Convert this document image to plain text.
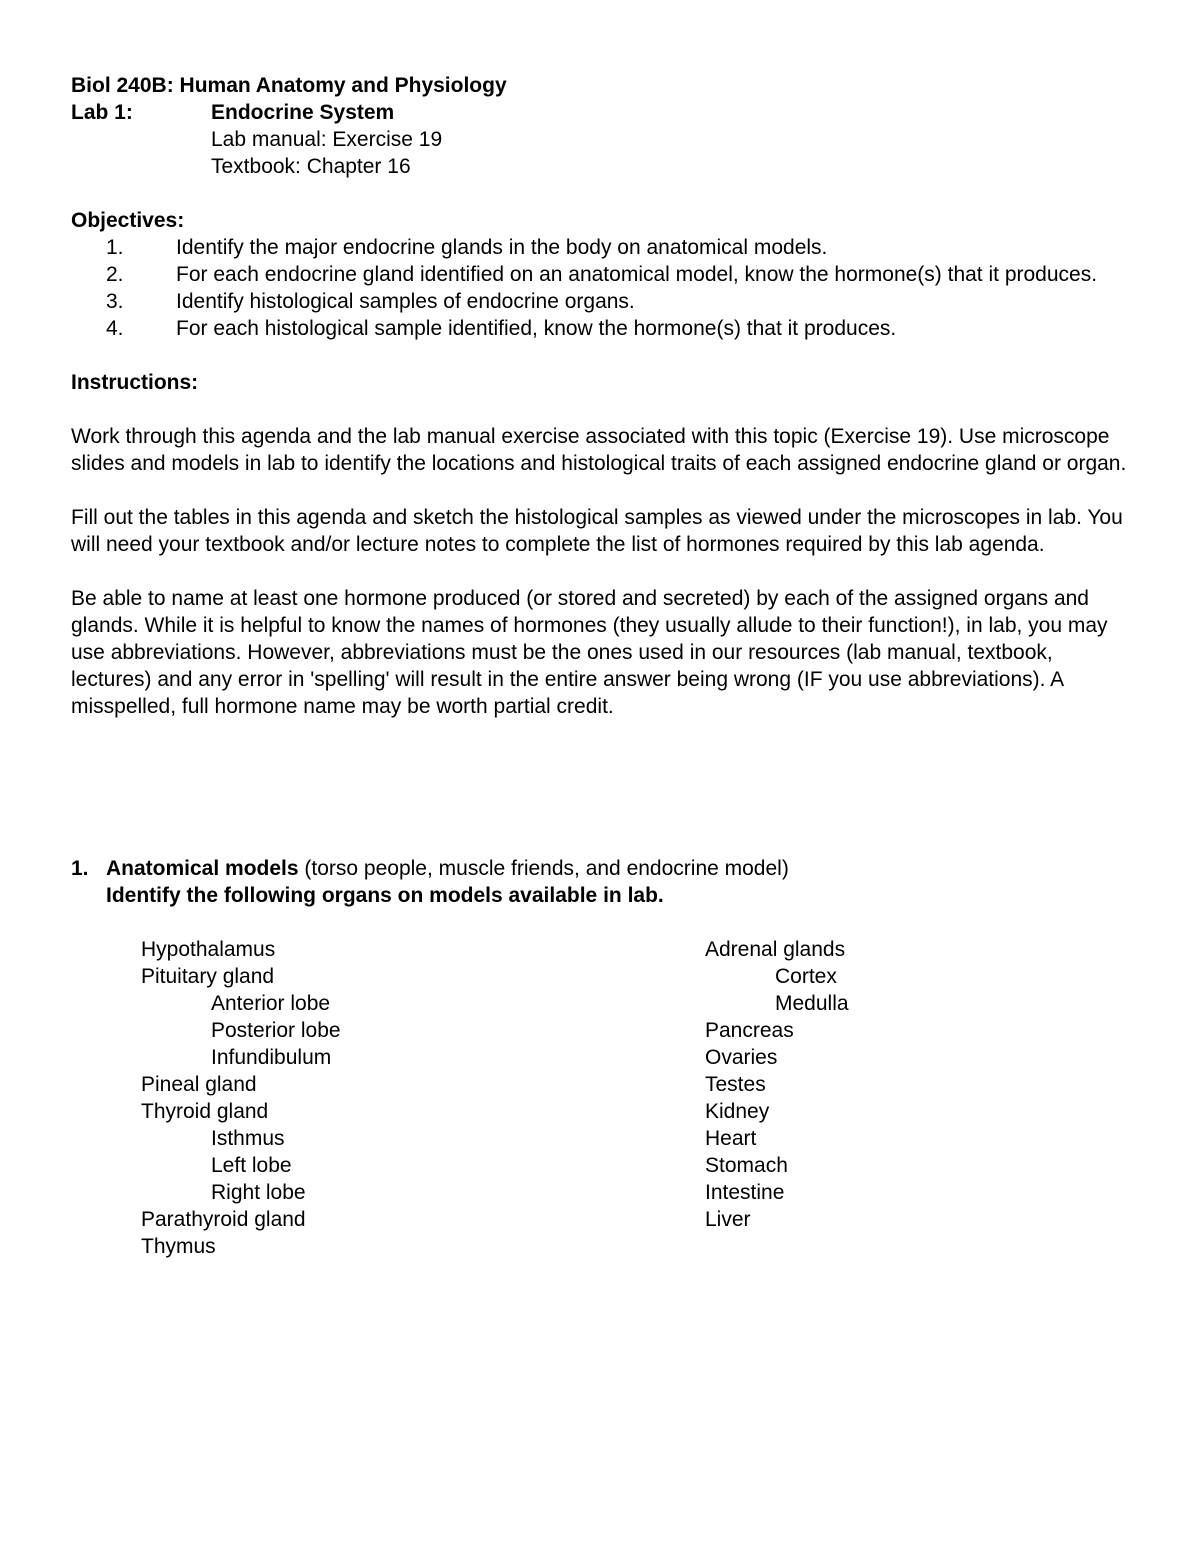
Biol 240B: Human Anatomy and Physiology
Lab 1:	Endocrine System
Lab manual: Exercise 19
Textbook: Chapter 16
Objectives:
1.	Identify the major endocrine glands in the body on anatomical models.
2.	For each endocrine gland identified on an anatomical model, know the hormone(s) that it produces.
3.	Identify histological samples of endocrine organs.
4.	For each histological sample identified, know the hormone(s) that it produces.
Instructions:

Work through this agenda and the lab manual exercise associated with this topic (Exercise 19). Use microscope slides and models in lab to identify the locations and histological traits of each assigned endocrine gland or organ.

Fill out the tables in this agenda and sketch the histological samples as viewed under the microscopes in lab. You will need your textbook and/or lecture notes to complete the list of hormones required by this lab agenda.

Be able to name at least one hormone produced (or stored and secreted) by each of the assigned organs and glands. While it is helpful to know the names of hormones (they usually allude to their function!), in lab, you may use abbreviations. However, abbreviations must be the ones used in our resources (lab manual, textbook, lectures) and any error in 'spelling' will result in the entire answer being wrong (IF you use abbreviations). A misspelled, full hormone name may be worth partial credit.

1. Anatomical models (torso people, muscle friends, and endocrine model)
Identify the following organs on models available in lab.
Hypothalamus
Pituitary gland
Anterior lobe
Posterior lobe
Infundibulum
Pineal gland
Thyroid gland
Isthmus
Left lobe
Right lobe
Parathyroid gland
Thymus
Adrenal glands
Cortex
Medulla
Pancreas
Ovaries
Testes
Kidney
Heart
Stomach
Intestine
Liver
